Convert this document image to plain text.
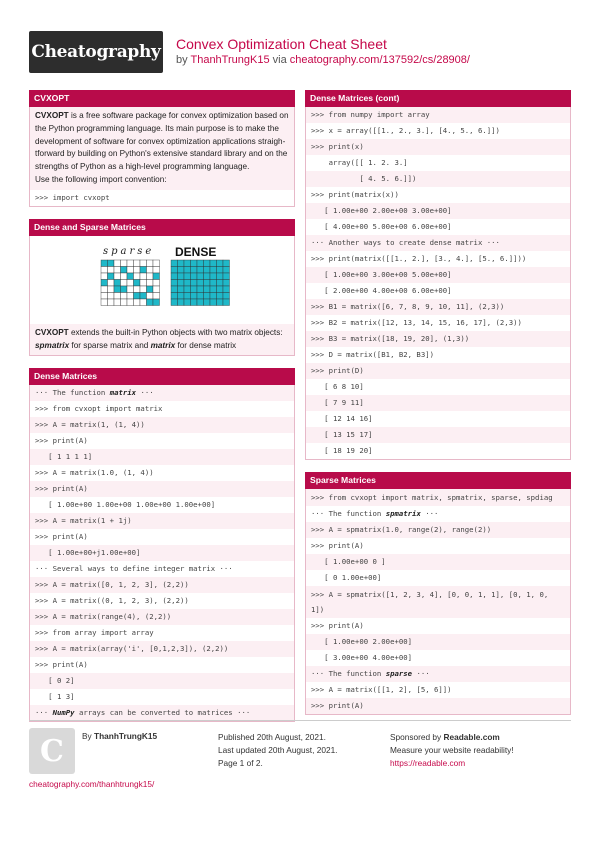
Cheatography Convex Optimization Cheat Sheet
by ThanhTrungK15 via cheatography.com/137592/cs/28908/
CVXOPT
CVXOPT is a free software package for convex optimization based on the Python programming language. Its main purpose is to make the development of software for convex optimization applications straightforward by building on Python's extensive standard library and on the strengths of Python as a high-level programming language.
Use the following import convention:
>>> import cvxopt
Dense and Sparse Matrices
sparse DENSE
CVXOPT extends the built-in Python objects with two matrix objects: spmatrix for sparse matrix and matrix for dense matrix
Dense Matrices
··· The function matrix ···
>>> from cvxopt import matrix
>>> A = matrix(1, (1, 4))
>>> print(A)
[ 1 1 1 1]
>>> A = matrix(1.0, (1, 4))
>>> print(A)
[ 1.00e+00 1.00e+00 1.00e+00 1.00e+00]
>>> A = matrix(1 + 1j)
>>> print(A)
[ 1.00e+00+j1.00e+00]
··· Several ways to define integer matrix ···
>>> A = matrix([0, 1, 2, 3], (2,2))
>>> A = matrix((0, 1, 2, 3), (2,2))
>>> A = matrix(range(4), (2,2))
>>> from array import array
>>> A = matrix(array('i', [0,1,2,3]), (2,2))
>>> print(A)
[ 0 2]
[ 1 3]
··· NumPy arrays can be converted to matrices ···
Dense Matrices (cont)
>>> from numpy import array
>>> x = array([[1., 2., 3.], [4., 5., 6.]])
>>> print(x)
array([[ 1. 2. 3.]
[ 4. 5. 6.]])
>>> print(matrix(x))
[ 1.00e+00 2.00e+00 3.00e+00]
[ 4.00e+00 5.00e+00 6.00e+00]
··· Another ways to create dense matrix ···
>>> print(matrix([[1., 2.], [3., 4.], [5., 6.]]))
[ 1.00e+00 3.00e+00 5.00e+00]
[ 2.00e+00 4.00e+00 6.00e+00]
>>> B1 = matrix([6, 7, 8, 9, 10, 11], (2,3))
>>> B2 = matrix([12, 13, 14, 15, 16, 17], (2,3))
>>> B3 = matrix([18, 19, 20], (1,3))
>>> D = matrix([B1, B2, B3])
>>> print(D)
[ 6 8 10]
[ 7 9 11]
[ 12 14 16]
[ 13 15 17]
[ 18 19 20]
Sparse Matrices
>>> from cvxopt import matrix, spmatrix, sparse, spdiag
··· The function spmatrix ···
>>> A = spmatrix(1.0, range(2), range(2))
>>> print(A)
[ 1.00e+00 0 ]
[ 0 1.00e+00]
>>> A = spmatrix([1, 2, 3, 4], [0, 0, 1, 1], [0, 1, 0, 1])
>>> print(A)
[ 1.00e+00 2.00e+00]
[ 3.00e+00 4.00e+00]
··· The function sparse ···
>>> A = matrix([[1, 2], [5, 6]])
>>> print(A)
C By ThanhTrungK15	Published 20th August, 2021.
Last updated 20th August, 2021.
Page 1 of 2.
Sponsored by Readable.com
Measure your website readability!
https://readable.com
cheatography.com/thanhtrungk15/
